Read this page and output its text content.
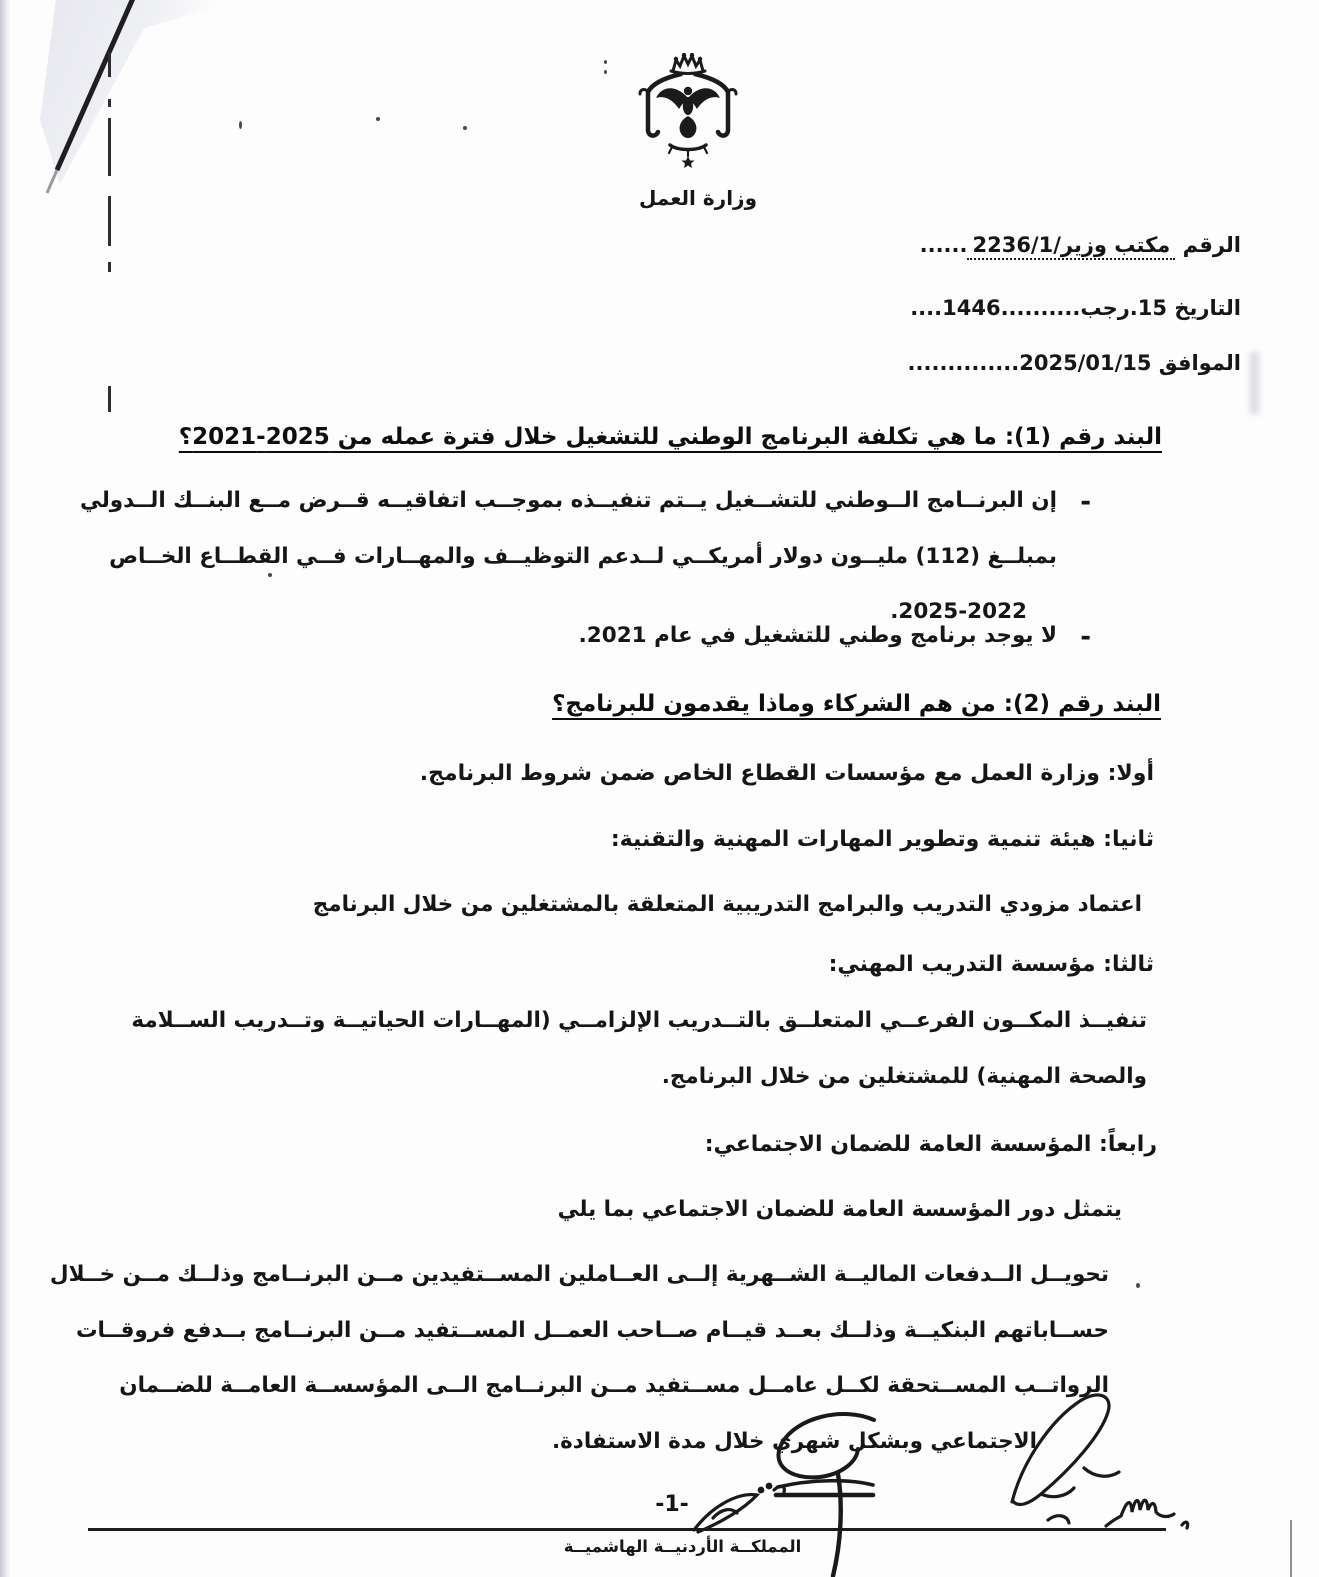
وزارة العمل
الرقم مكتب وزير/2236/1......
التاريخ 15.رجب..........1446....
الموافق 2025/01/15..............
البند رقم (1): ما هي تكلفة البرنامج الوطني للتشغيل خلال فترة عمله من 2025-2021؟
-
إن البرنــامج الــوطني للتشــغيل يــتم تنفيــذه بموجــب اتفاقيــه قــرض مــع البنــك الــدولي
بمبلــغ (112) مليــون دولار أمريكــي لــدعم التوظيــف والمهــارات فــي القطــاع الخــاص
2025-2022.
-
لا يوجد برنامج وطني للتشغيل في عام 2021.
البند رقم (2): من هم الشركاء وماذا يقدمون للبرنامج؟
أولا: وزارة العمل مع مؤسسات القطاع الخاص ضمن شروط البرنامج.
ثانيا: هيئة تنمية وتطوير المهارات المهنية والتقنية:
اعتماد مزودي التدريب والبرامج التدريبية المتعلقة بالمشتغلين من خلال البرنامج
ثالثا: مؤسسة التدريب المهني:
تنفيــذ المكــون الفرعــي المتعلــق بالتــدريب الإلزامــي (المهــارات الحياتيــة وتــدريب الســلامة
والصحة المهنية) للمشتغلين من خلال البرنامج.
رابعاً: المؤسسة العامة للضمان الاجتماعي:
يتمثل دور المؤسسة العامة للضمان الاجتماعي بما يلي
تحويــل الــدفعات الماليــة الشــهرية إلــى العــاملين المســتفيدين مــن البرنــامج وذلــك مــن خــلال
حســاباتهم البنكيــة وذلــك بعــد قيــام صــاحب العمــل المســتفيد مــن البرنــامج بــدفع فروقــات
الرواتــب المســتحقة لكــل عامــل مســتفيد مــن البرنــامج الــى المؤسســة العامــة للضــمان
الاجتماعي وبشكل شهري خلال مدة الاستفادة.
-1-
المملكــة الأردنيــة الهاشميــة
